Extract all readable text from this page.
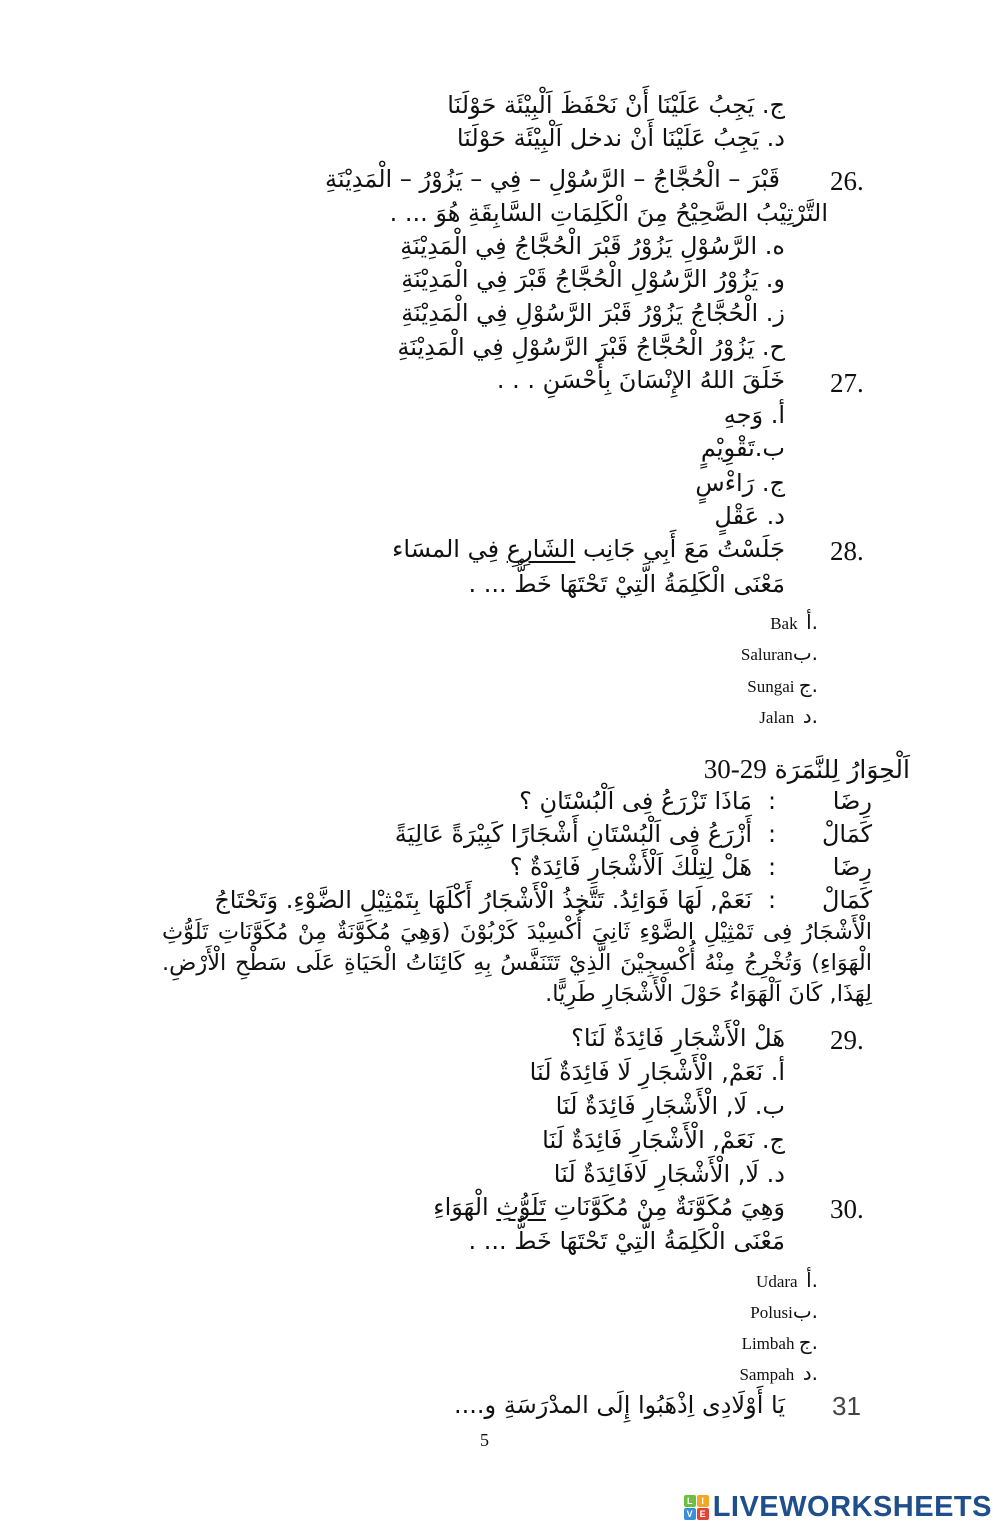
ج. يَجِبُ عَلَيْنَا أَنْ نَحْفَظَ اَلْبِيْئَة حَوْلَنَا
د. يَجِبُ عَلَيْنَا أَنْ ندخل اَلْبِيْئَة حَوْلَنَا
26.
قَبْرَ – الْحُجَّاجُ – الرَّسُوْلِ – فِي – يَزُوْرُ – الْمَدِيْنَةِ
التَّرْتِيْبُ الصَّحِيْحُ مِنَ الْكَلِمَاتِ السَّابِقَةِ هُوَ ... .
ه. الرَّسُوْلِ يَزُوْرُ قَبْرَ الْحُجَّاجُ فِي الْمَدِيْنَةِ
و. يَزُوْرُ الرَّسُوْلِ الْحُجَّاجُ قَبْرَ فِي الْمَدِيْنَةِ
ز. الْحُجَّاجُ يَزُوْرُ قَبْرَ الرَّسُوْلِ فِي الْمَدِيْنَةِ
ح. يَزُوْرُ الْحُجَّاجُ قَبْرَ الرَّسُوْلِ فِي الْمَدِيْنَةِ
27.
خَلَقَ اللهُ الإِنْسَانَ بِأَحْسَنِ . . .
أ. وَجهِ
ب.تَقْوِيْمٍ
ج. رَاءْسٍ
د. عَقْلٍ
28.
جَلَسْتُ مَعَ أَبِي جَانِب الشَارِعِ فِي المسَاء
مَعْنَى الْكَلِمَةُ الَّتِيْ تَحْتَهَا خَطٌّ ... .
Bak أ.
Saluranب.
Sungai ج.
Jalan د.
اَلْحِوَارُ لِلنَّمَرَة 29-30
رِضَا
:
مَاذَا تَزْرَعُ فِى اَلْبُسْتَانِ ؟
كَمَالْ
:
أَزْرَعُ فِى اَلْبُسْتَانِ أَشْجَارًا كَبِيْرَةً عَالِيَةً
رِضَا
:
هَلْ لِتِلْكَ اَلْأَشْجَارِ فَائِدَةٌ ؟
كَمَالْ
:
نَعَمْ, لَهَا فَوَائِدُ. تَتَّخِذُ الْأَشْجَارُ أَكْلَهَا بِتَمْثِيْلِ الضَّوْءِ. وَتَحْتَاجُ
الْأَشْجَارُ فِى تَمْثِيْلِ الضَّوْءِ ثَانِيَ أُكْسِيْدَ كَرْبُوْنَ (وَهِيَ مُكَوَّنَةٌ مِنْ مُكَوَّنَاتِ تَلَوُّثِ الْهَوَاءِ) وَتُخْرِجُ مِنْهُ أُكْسِجِيْنَ الَّذِيْ تَتَنَفَّسُ بِهِ كَائِنَاتُ الْحَيَاةِ عَلَى سَطْحِ الْأَرْضِ. لِهَذَا, كَانَ اَلْهَوَاءُ حَوْلَ الْأَشْجَارِ طَرِيًّا.
29.
هَلْ الْأَشْجَارِ فَائِدَةٌ لَنَا؟
أ. نَعَمْ, الْأَشْجَارِ لَا فَائِدَةٌ لَنَا
ب. لَا, الْأَشْجَارِ فَائِدَةٌ لَنَا
ج. نَعَمْ, الْأَشْجَارِ فَائِدَةٌ لَنَا
د. لَا, الْأَشْجَارِ لَافَائِدَةٌ لَنَا
30.
وَهِيَ مُكَوَّنَةٌ مِنْ مُكَوَّنَاتِ تَلَوُّثِ الْهَوَاءِ
مَعْنَى الْكَلِمَةُ الَّتِيْ تَحْتَهَا خَطٌّ ... .
Udara أ.
Polusiب.
Limbah ج.
Sampah د.
31
يَا أَوْلَادِى اِذْهَبُوا إِلَى المدْرَسَةِ و....
5
L I
V E LIVEWORKSHEETS
